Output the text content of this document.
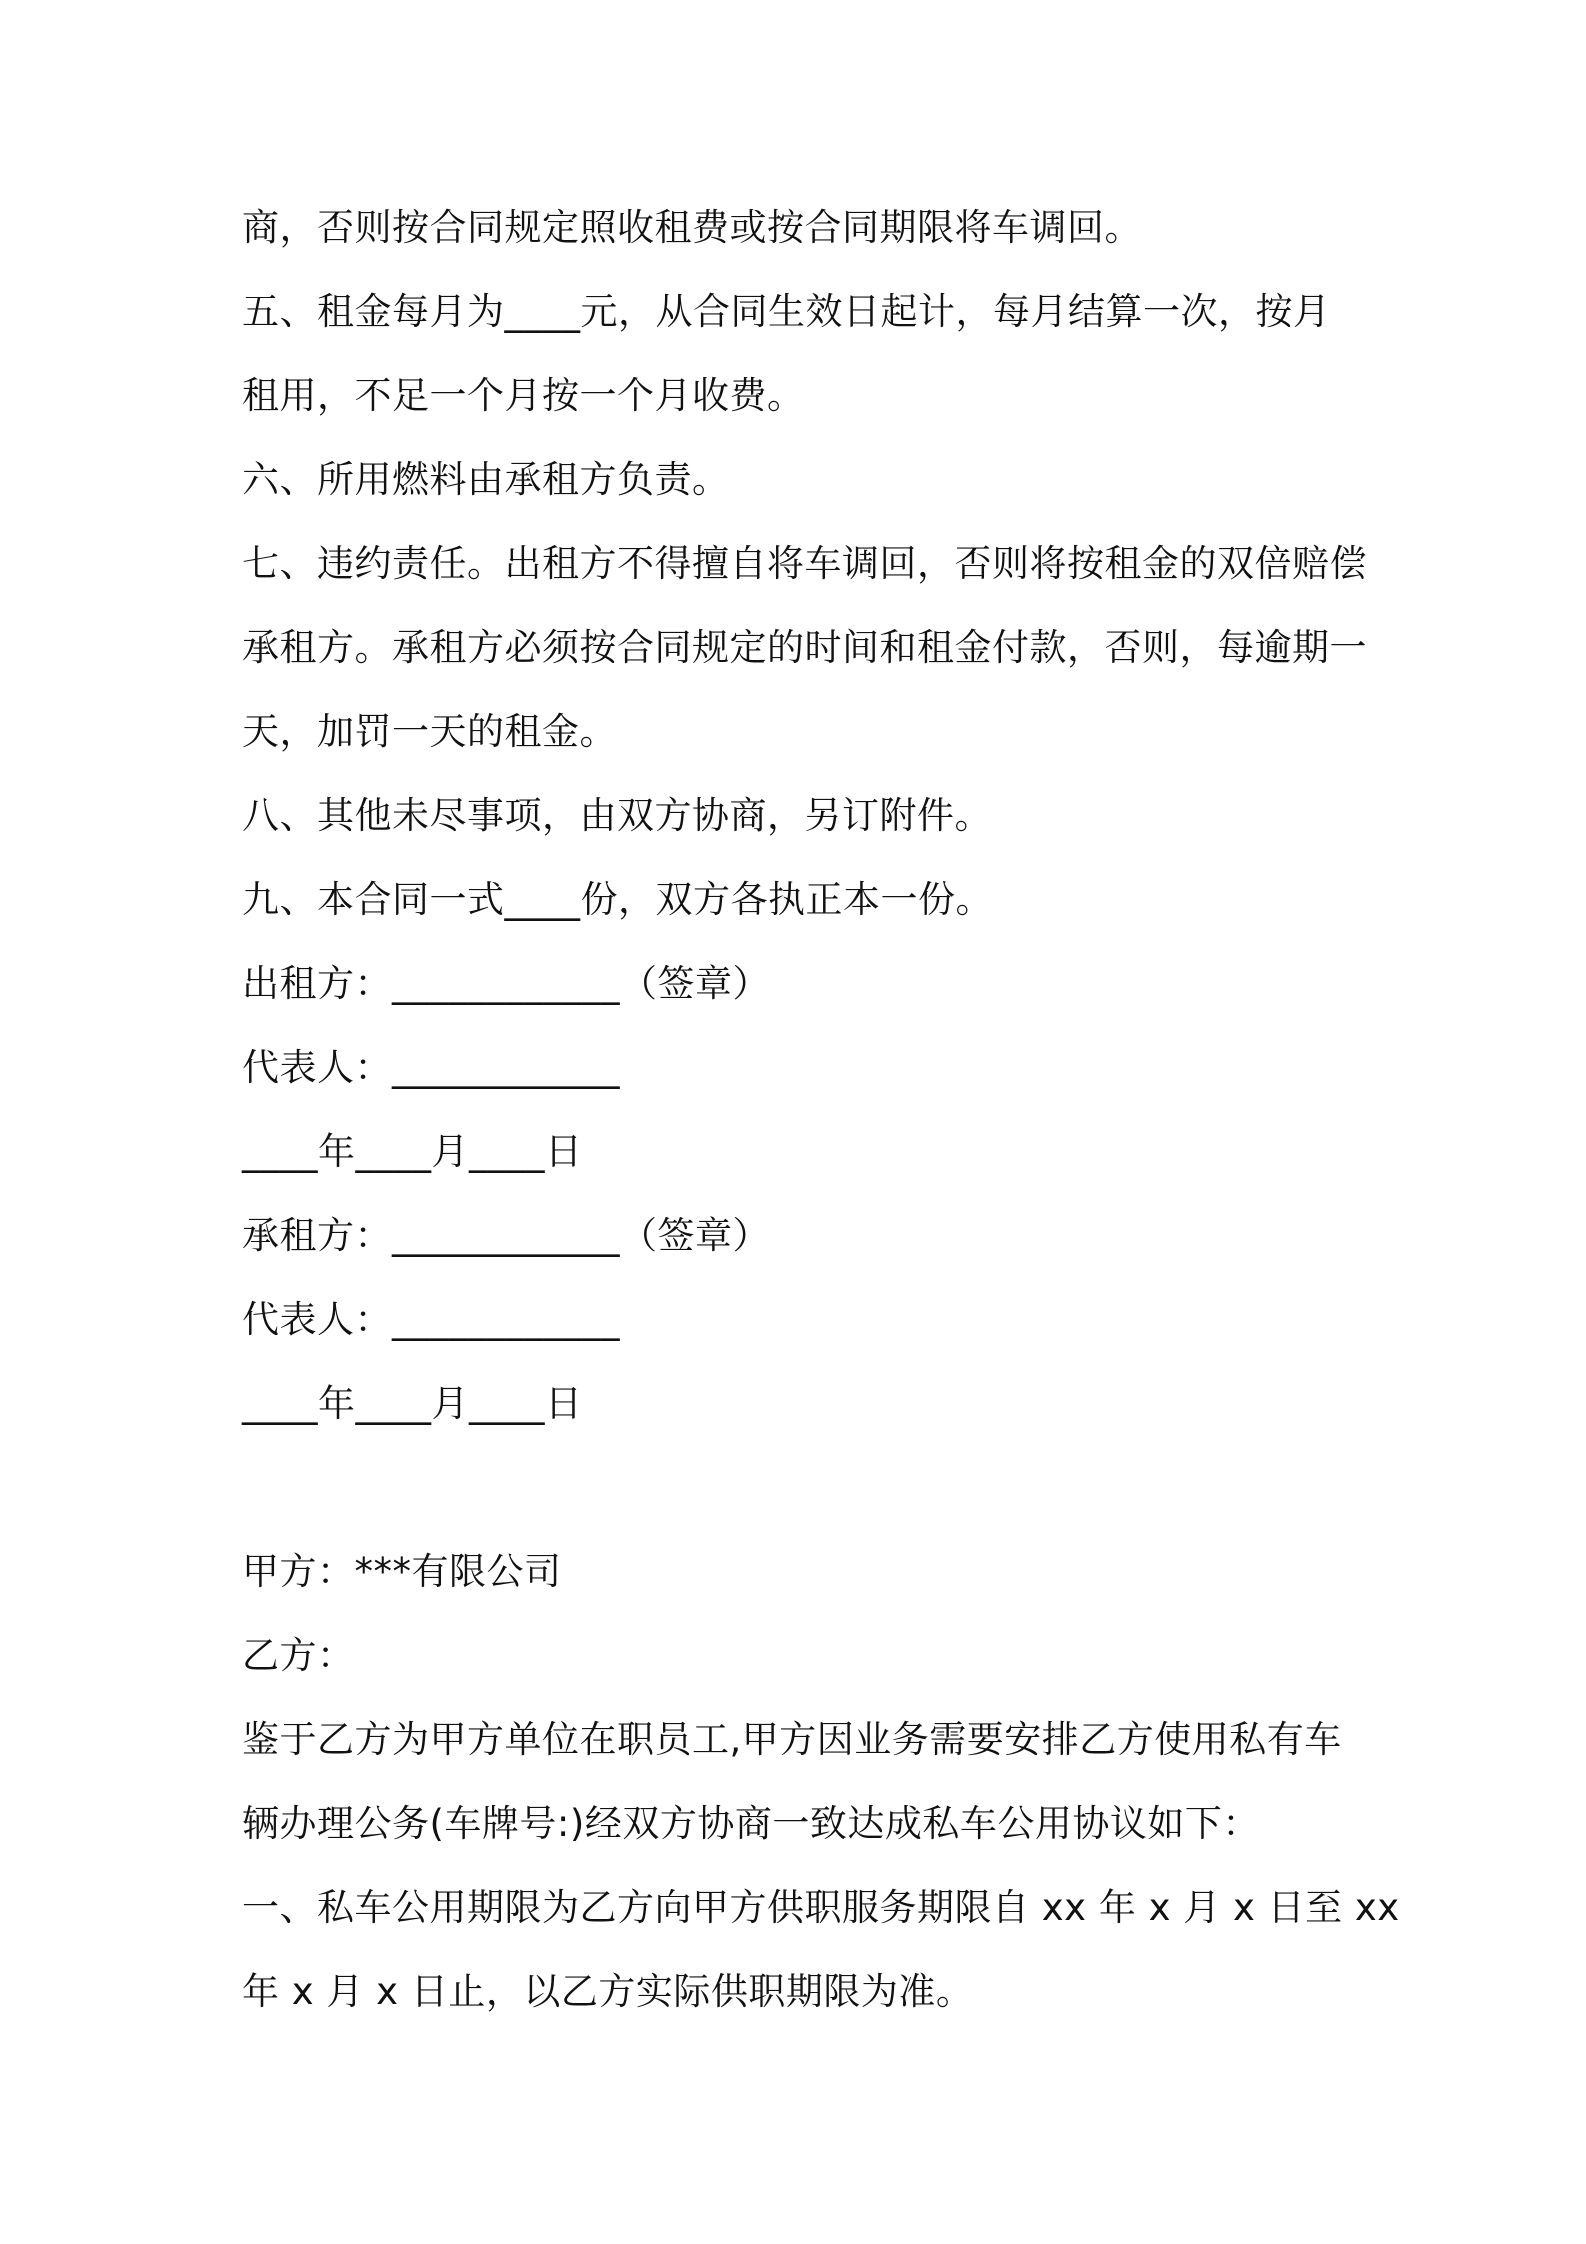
商，否则按合同规定照收租费或按合同期限将车调回。
五、租金每月为____元，从合同生效日起计，每月结算一次，按月
租用，不足一个月按一个月收费。
六、所用燃料由承租方负责。
七、违约责任。出租方不得擅自将车调回，否则将按租金的双倍赔偿
承租方。承租方必须按合同规定的时间和租金付款，否则，每逾期一
天，加罚一天的租金。
八、其他未尽事项，由双方协商，另订附件。
九、本合同一式____份，双方各执正本一份。
出租方：____________（签章）
代表人：____________
____年____月____日
承租方：____________（签章）
代表人：____________
____年____月____日
甲方：***有限公司
乙方：
鉴于乙方为甲方单位在职员工,甲方因业务需要安排乙方使用私有车
辆办理公务(车牌号:)经双方协商一致达成私车公用协议如下：
一、私车公用期限为乙方向甲方供职服务期限自 xx 年 x 月 x 日至 xx
年 x 月 x 日止，以乙方实际供职期限为准。
